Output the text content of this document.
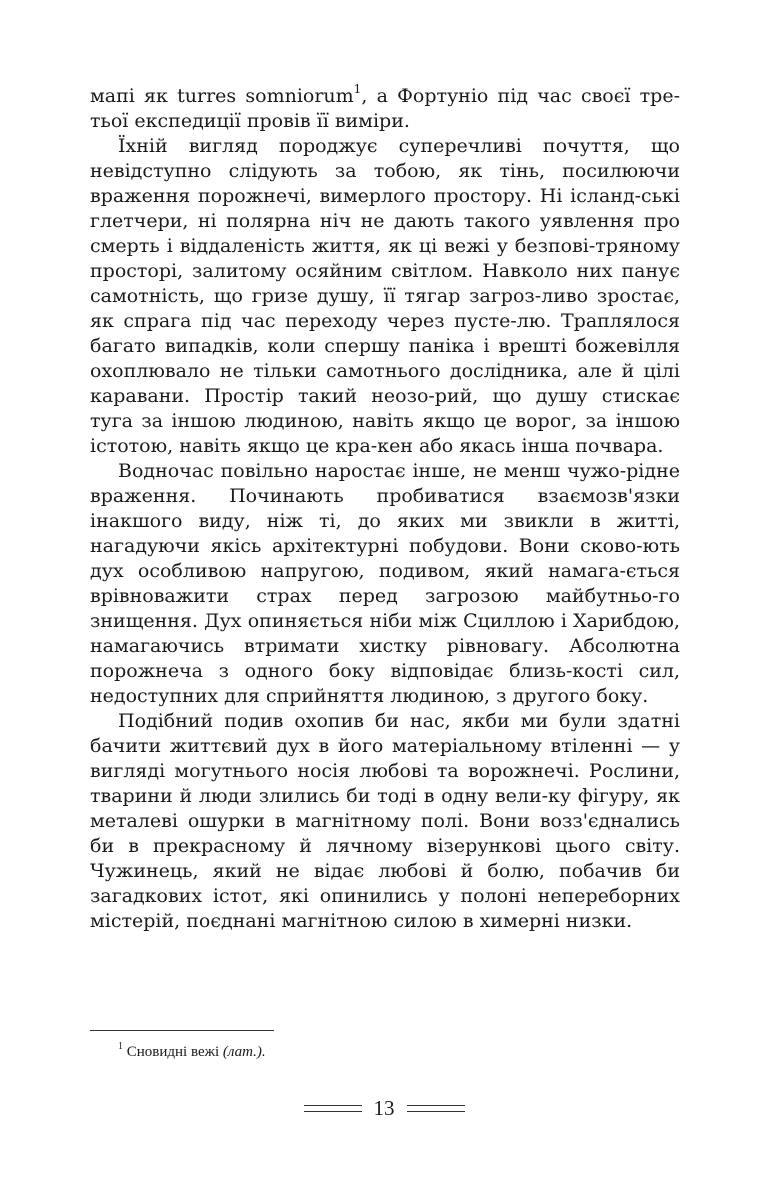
мапі як turres somniorum$^1$, а Фортуніо під час своєї тре-тьої експедиції провів її виміри.

Їхній вигляд породжує суперечливі почуття, що невідступно слідують за тобою, як тінь, посилюючи враження порожнечі, вимерлого простору. Ні ісланд-ські глетчери, ні полярна ніч не дають такого уявлення про смерть і віддаленість життя, як ці вежі у безпові-тряному просторі, залитому осяйним світлом. Навколо них панує самотність, що гризе душу, її тягар загроз-ливо зростає, як спрага під час переходу через пусте-лю. Траплялося багато випадків, коли спершу паніка і врешті божевілля охоплювало не тільки самотнього дослідника, але й цілі каравани. Простір такий неозо-рий, що душу стискає туга за іншою людиною, навіть якщо це ворог, за іншою істотою, навіть якщо це кра-кен або якась інша почвара.

Водночас повільно наростає інше, не менш чужо-рідне враження. Починають пробиватися взаємозв'язки інакшого виду, ніж ті, до яких ми звикли в житті, нагадуючи якісь архітектурні побудови. Вони сково-ють дух особливою напругою, подивом, який намага-ється врівноважити страх перед загрозою майбутньо-го знищення. Дух опиняється ніби між Сциллою і Харибдою, намагаючись втримати хистку рівновагу. Абсолютна порожнеча з одного боку відповідає близь-кості сил, недоступних для сприйняття людиною, з другого боку.

Подібний подив охопив би нас, якби ми були здатні бачити життєвий дух в його матеріальному втіленні — у вигляді могутнього носія любові та ворожнечі. Рослини, тварини й люди злились би тоді в одну вели-ку фігуру, як металеві ошурки в магнітному полі. Вони возз'єднались би в прекрасному й лячному візерункові цього світу. Чужинець, який не відає любові й болю, побачив би загадкових істот, які опинились у полоні непереборних містерій, поєднані магнітною силою в химерні низки.

$^1$ Сновидні вежі (лат.).
13
